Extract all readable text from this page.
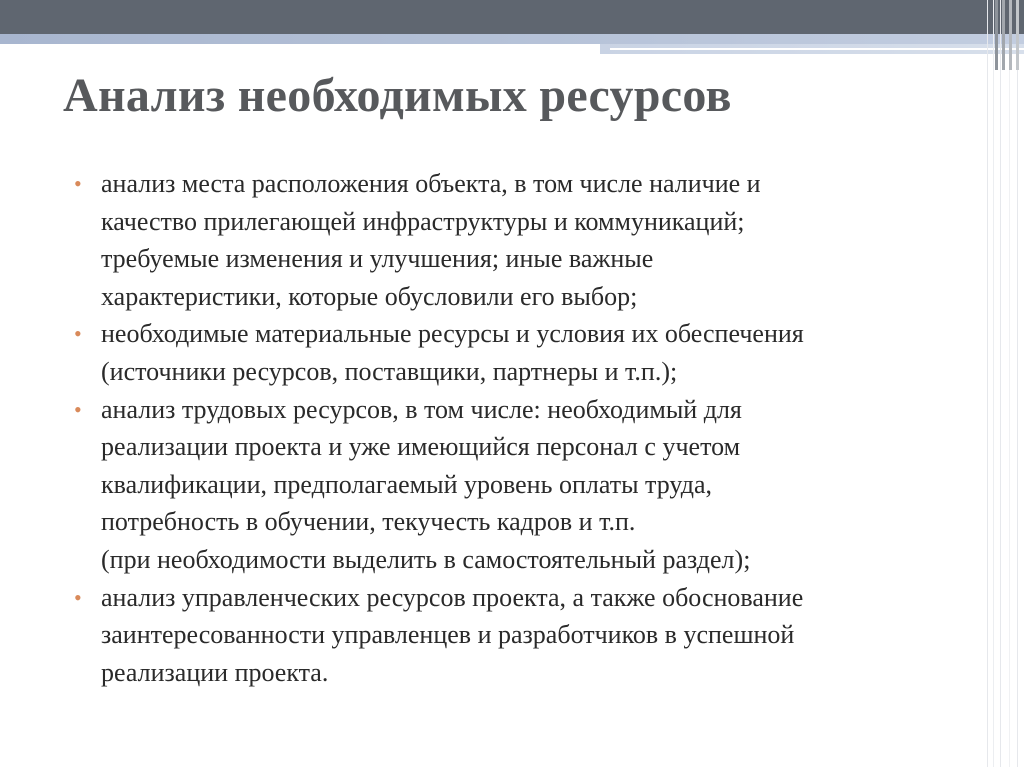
Анализ необходимых ресурсов
• анализ места расположения объекта, в том числе наличие и
качество прилегающей инфраструктуры и коммуникаций;
требуемые изменения и улучшения; иные важные
характеристики, которые обусловили его выбор;
• необходимые материальные ресурсы и условия их обеспечения
(источники ресурсов, поставщики, партнеры и т.п.);
• анализ трудовых ресурсов, в том числе: необходимый для
реализации проекта и уже имеющийся персонал с учетом
квалификации, предполагаемый уровень оплаты труда,
потребность в обучении, текучесть кадров и т.п.
(при необходимости выделить в самостоятельный раздел);
• анализ управленческих ресурсов проекта, а также обоснование
заинтересованности управленцев и разработчиков в успешной
реализации проекта.
